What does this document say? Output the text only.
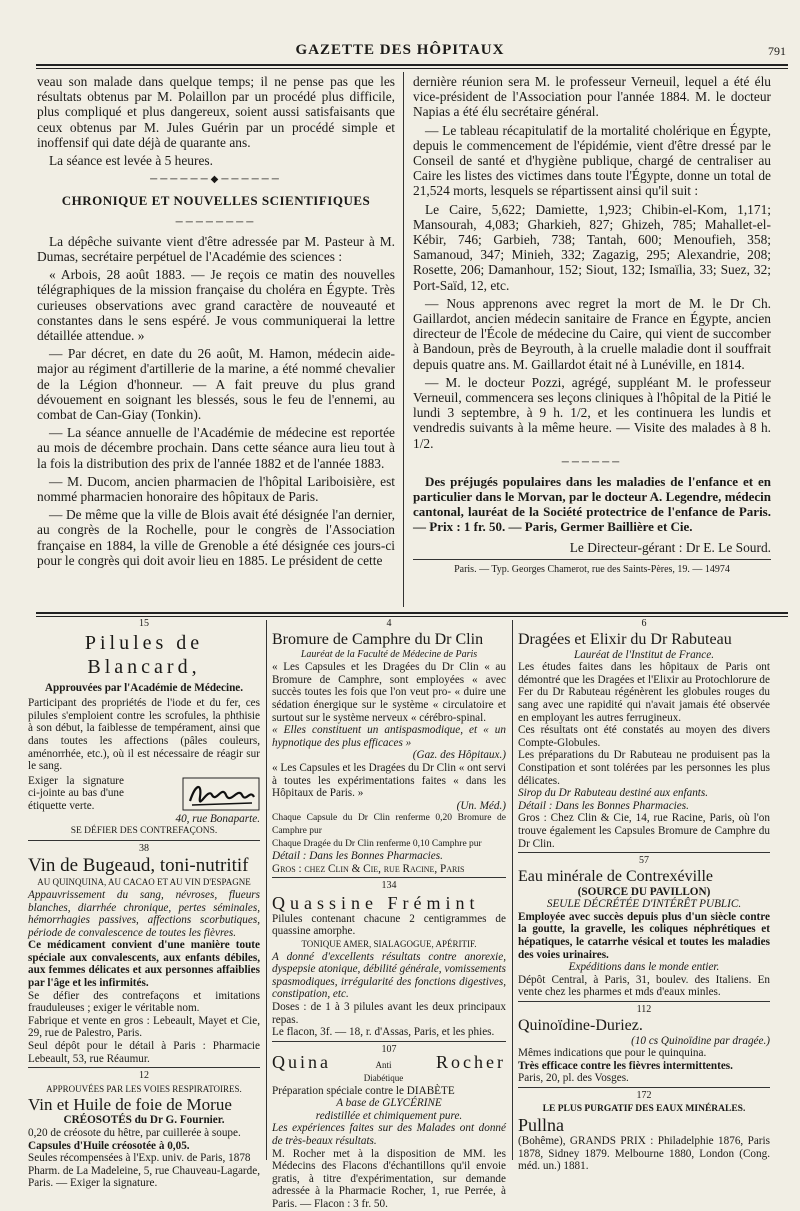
GAZETTE DES HÔPITAUX	791

veau son malade dans quelque temps; il ne pense pas que les résultats obtenus par M. Polaillon par un procédé plus difficile, plus compliqué et plus dangereux, soient aussi satisfaisants que ceux obtenus par M. Jules Guérin par un procédé simple et inoffensif qui date déjà de quarante ans.

La séance est levée à 5 heures.

──────◆──────
CHRONIQUE ET NOUVELLES SCIENTIFIQUES
────────

La dépêche suivante vient d'être adressée par M. Pasteur à M. Dumas, secrétaire perpétuel de l'Académie des sciences :

« Arbois, 28 août 1883. — Je reçois ce matin des nouvelles télégraphiques de la mission française du choléra en Égypte. Très curieuses observations avec grand caractère de nouveauté et constantes dans le sens espéré. Je vous communiquerai la lettre détaillée attendue. »

— Par décret, en date du 26 août, M. Hamon, médecin aide-major au régiment d'artillerie de la marine, a été nommé chevalier de la Légion d'honneur. — A fait preuve du plus grand dévouement en soignant les blessés, sous le feu de l'ennemi, au combat de Can-Giay (Tonkin).

— La séance annuelle de l'Académie de médecine est reportée au mois de décembre prochain. Dans cette séance aura lieu tout à la fois la distribution des prix de l'année 1882 et de l'année 1883.

— M. Ducom, ancien pharmacien de l'hôpital Lariboisière, est nommé pharmacien honoraire des hôpitaux de Paris.

— De même que la ville de Blois avait été désignée l'an dernier, au congrès de la Rochelle, pour le congrès de l'Association française en 1884, la ville de Grenoble a été désignée ces jours-ci pour le congrès qui doit avoir lieu en 1885. Le président de cette

dernière réunion sera M. le professeur Verneuil, lequel a été élu vice-président de l'Association pour l'année 1884. M. le docteur Napias a été élu secrétaire général.

— Le tableau récapitulatif de la mortalité cholérique en Égypte, depuis le commencement de l'épidémie, vient d'être dressé par le Conseil de santé et d'hygiène publique, chargé de centraliser au Caire les listes des victimes dans toute l'Égypte, donne un total de 21,524 morts, lesquels se répartissent ainsi qu'il suit :

Le Caire, 5,622; Damiette, 1,923; Chibin-el-Kom, 1,171; Mansourah, 4,083; Gharkieh, 827; Ghizeh, 785; Mahallet-el-Kébir, 746; Garbieh, 738; Tantah, 600; Menoufieh, 358; Samanoud, 347; Minieh, 332; Zagazig, 295; Alexandrie, 208; Rosette, 206; Damanhour, 152; Siout, 132; Ismaïlia, 33; Suez, 32; Port-Saïd, 12, etc.

— Nous apprenons avec regret la mort de M. le Dr Ch. Gaillardot, ancien médecin sanitaire de France en Égypte, ancien directeur de l'École de médecine du Caire, qui vient de succomber à Bandoun, près de Beyrouth, à la cruelle maladie dont il souffrait depuis quatre ans. M. Gaillardot était né à Lunéville, en 1814.

— M. le docteur Pozzi, agrégé, suppléant M. le professeur Verneuil, commencera ses leçons cliniques à l'hôpital de la Pitié le lundi 3 septembre, à 9 h. 1/2, et les continuera les lundis et vendredis suivants à la même heure. — Visite des malades à 8 h. 1/2.

──────
Des préjugés populaires dans les maladies de l'enfance et en particulier dans le Morvan, par le docteur A. Legendre, médecin cantonal, lauréat de la Société protectrice de l'enfance de Paris. — Prix : 1 fr. 50. — Paris, Germer Baillière et Cie.
Le Directeur-gérant : Dr E. Le Sourd.
Paris. — Typ. Georges Chamerot, rue des Saints-Pères, 19. — 14974

15

Pilules de Blancard,

Approuvées par l'Académie de Médecine.

Participant des propriétés de l'iode et du fer, ces pilules s'emploient contre les scrofules, la phthisie à son début, la faiblesse de tempérament, ainsi que dans toutes les affections (pâles couleurs, aménorrhée, etc.), où il est nécessaire de réagir sur le sang.

Exiger la signature ci-jointe au bas d'une étiquette verte.

40, rue Bonaparte.

SE DÉFIER DES CONTREFAÇONS.

38

Vin de Bugeaud, toni-nutritif

AU QUINQUINA, AU CACAO ET AU VIN D'ESPAGNE

Appauvrissement du sang, névroses, flueurs blanches, diarrhée chronique, pertes séminales, hémorrhagies passives, affections scorbutiques, période de convalescence de toutes les fièvres.

Ce médicament convient d'une manière toute spéciale aux convalescents, aux enfants débiles, aux femmes délicates et aux personnes affaiblies par l'âge et les infirmités.

Se défier des contrefaçons et imitations frauduleuses ; exiger le véritable nom.

Fabrique et vente en gros : Lebeault, Mayet et Cie, 29, rue de Palestro, Paris.

Seul dépôt pour le détail à Paris : Pharmacie Lebeault, 53, rue Réaumur.

12

APPROUVÉES PAR LES VOIES RESPIRATOIRES.

Vin et Huile de foie de Morue

CRÉOSOTÉS du Dr G. Fournier.

0,20 de créosote du hêtre, par cuillerée à soupe.

Capsules d'Huile créosotée à 0,05.

Seules récompensées à l'Exp. univ. de Paris, 1878

Pharm. de La Madeleine, 5, rue Chauveau-Lagarde, Paris. — Exiger la signature.

4

Bromure de Camphre du Dr Clin

Lauréat de la Faculté de Médecine de Paris

« Les Capsules et les Dragées du Dr Clin « au Bromure de Camphre, sont employées « avec succès toutes les fois que l'on veut pro- « duire une sédation énergique sur le système « circulatoire et surtout sur le système nerveux « cérébro-spinal.

« Elles constituent un antispasmodique, et « un hypnotique des plus efficaces »

(Gaz. des Hôpitaux.)

« Les Capsules et les Dragées du Dr Clin « ont servi à toutes les expérimentations faites « dans les Hôpitaux de Paris. »

(Un. Méd.)

Chaque Capsule du Dr Clin renferme 0,20 Bromure de Camphre pur

Chaque Dragée du Dr Clin renferme 0,10 Camphre pur

Détail : Dans les Bonnes Pharmacies.

Gros : chez Clin & Cie, rue Racine, Paris

134

Quassine Frémint

Pilules contenant chacune 2 centigrammes de quassine amorphe.

TONIQUE AMER, SIALAGOGUE, APÉRITIF.

A donné d'excellents résultats contre anorexie, dyspepsie atonique, débilité générale, vomissements spasmodiques, irrégularité des fonctions digestives, constipation, etc.

Doses : de 1 à 3 pilules avant les deux principaux repas.

Le flacon, 3f. — 18, r. d'Assas, Paris, et les phies.

107

Quina	Anti Diabétique
Rocher

Préparation spéciale contre le DIABÈTE

A base de GLYCÉRINE

redistillée et chimiquement pure.

Les expériences faites sur des Malades ont donné de très-beaux résultats.

M. Rocher met à la disposition de MM. les Médecins des Flacons d'échantillons qu'il envoie gratis, à titre d'expérimentation, sur demande adressée à la Pharmacie Rocher, 1, rue Perrée, à Paris. — Flacon : 3 fr. 50.

6

Dragées et Elixir du Dr Rabuteau

Lauréat de l'Institut de France.

Les études faites dans les hôpitaux de Paris ont démontré que les Dragées et l'Elixir au Protochlorure de Fer du Dr Rabuteau régénèrent les globules rouges du sang avec une rapidité qui n'avait jamais été observée en employant les autres ferrugineux.

Ces résultats ont été constatés au moyen des divers Compte-Globules.

Les préparations du Dr Rabuteau ne produisent pas la Constipation et sont tolérées par les personnes les plus délicates.

Sirop du Dr Rabuteau destiné aux enfants.

Détail : Dans les Bonnes Pharmacies.

Gros : Chez Clin & Cie, 14, rue Racine, Paris, où l'on trouve également les Capsules Bromure de Camphre du Dr Clin.

57

Eau minérale de Contrexéville

(SOURCE DU PAVILLON)

SEULE DÉCRÉTÉE D'INTÉRÊT PUBLIC.

Employée avec succès depuis plus d'un siècle contre la goutte, la gravelle, les coliques néphrétiques et hépatiques, le catarrhe vésical et toutes les maladies des voies urinaires.

Expéditions dans le monde entier.

Dépôt Central, à Paris, 31, boulev. des Italiens. En vente chez les pharmes et mds d'eaux minles.

112

Quinoïdine-Duriez.

(10 cs Quinoïdine par dragée.)

Mêmes indications que pour le quinquina.

Très efficace contre les fièvres intermittentes.

Paris, 20, pl. des Vosges.

172

LE PLUS PURGATIF DES EAUX MINÉRALES.

Pullna

(Bohême), GRANDS PRIX : Philadelphie 1876, Paris 1878, Sidney 1879. Melbourne 1880, London (Cong. méd. un.) 1881.
